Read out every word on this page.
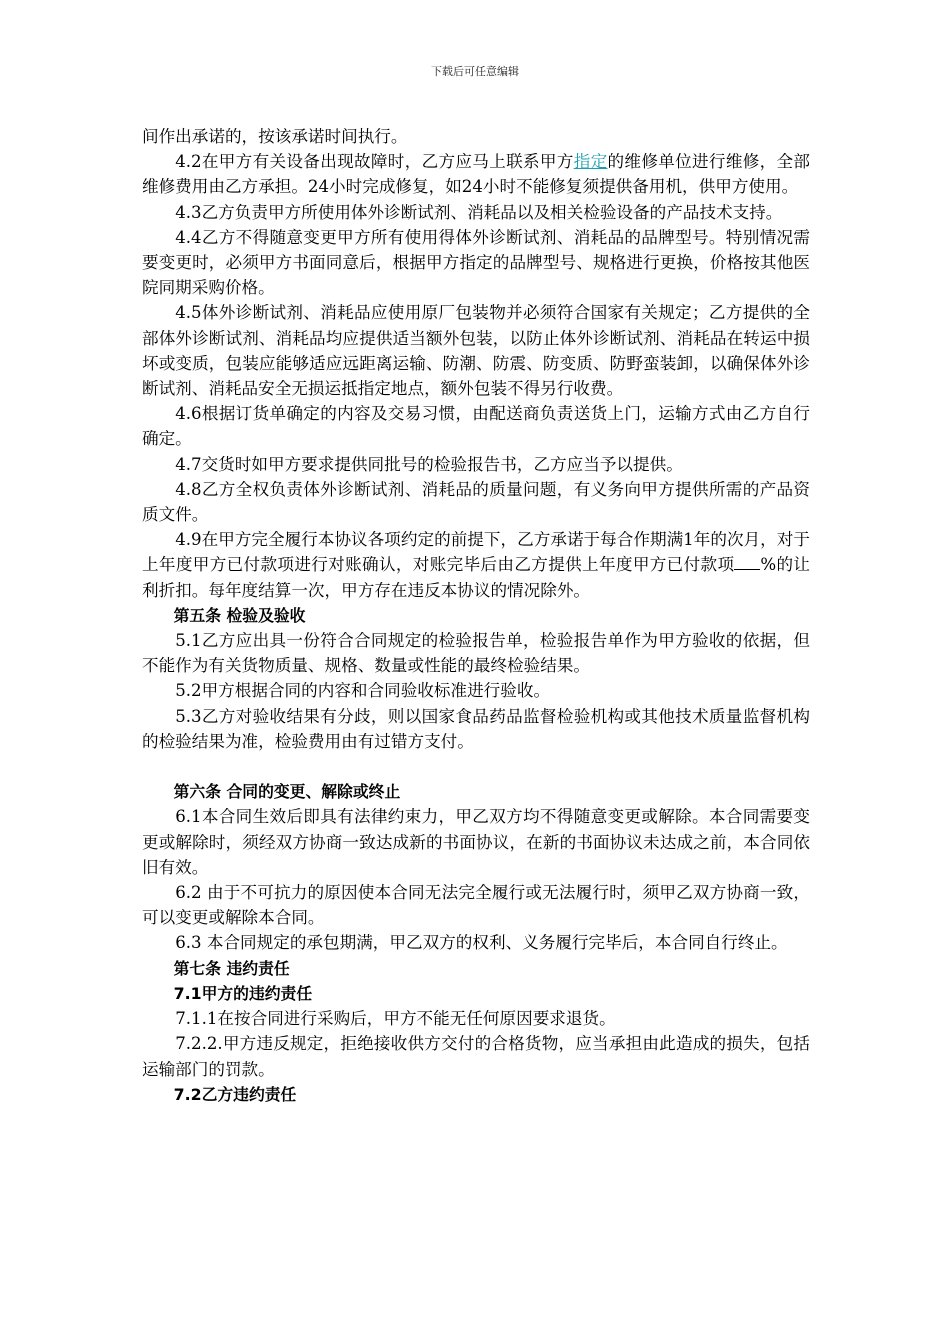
下载后可任意编辑

间作出承诺的，按该承诺时间执行。

4.2在甲方有关设备出现故障时，乙方应马上联系甲方指定的维修单位进行维修，全部维修费用由乙方承担。24小时完成修复，如24小时不能修复须提供备用机，供甲方使用。

4.3乙方负责甲方所使用体外诊断试剂、消耗品以及相关检验设备的产品技术支持。

4.4乙方不得随意变更甲方所有使用得体外诊断试剂、消耗品的品牌型号。特别情况需要变更时，必须甲方书面同意后，根据甲方指定的品牌型号、规格进行更换，价格按其他医院同期采购价格。

4.5体外诊断试剂、消耗品应使用原厂包装物并必须符合国家有关规定；乙方提供的全部体外诊断试剂、消耗品均应提供适当额外包装，以防止体外诊断试剂、消耗品在转运中损坏或变质，包装应能够适应远距离运输、防潮、防震、防变质、防野蛮装卸，以确保体外诊断试剂、消耗品安全无损运抵指定地点，额外包装不得另行收费。

4.6根据订货单确定的内容及交易习惯，由配送商负责送货上门，运输方式由乙方自行确定。

4.7交货时如甲方要求提供同批号的检验报告书，乙方应当予以提供。

4.8乙方全权负责体外诊断试剂、消耗品的质量问题，有义务向甲方提供所需的产品资质文件。

4.9在甲方完全履行本协议各项约定的前提下，乙方承诺于每合作期满1年的次月，对于上年度甲方已付款项进行对账确认，对账完毕后由乙方提供上年度甲方已付款项 %的让利折扣。每年度结算一次，甲方存在违反本协议的情况除外。

第五条 检验及验收

5.1乙方应出具一份符合合同规定的检验报告单，检验报告单作为甲方验收的依据，但不能作为有关货物质量、规格、数量或性能的最终检验结果。

5.2甲方根据合同的内容和合同验收标准进行验收。

5.3乙方对验收结果有分歧，则以国家食品药品监督检验机构或其他技术质量监督机构的检验结果为准，检验费用由有过错方支付。

第六条 合同的变更、解除或终止

6.1本合同生效后即具有法律约束力，甲乙双方均不得随意变更或解除。本合同需要变更或解除时，须经双方协商一致达成新的书面协议，在新的书面协议未达成之前，本合同依旧有效。

6.2 由于不可抗力的原因使本合同无法完全履行或无法履行时，须甲乙双方协商一致，可以变更或解除本合同。

6.3 本合同规定的承包期满，甲乙双方的权利、义务履行完毕后，本合同自行终止。

第七条 违约责任

7.1甲方的违约责任

7.1.1在按合同进行采购后，甲方不能无任何原因要求退货。

7.2.2.甲方违反规定，拒绝接收供方交付的合格货物，应当承担由此造成的损失，包括运输部门的罚款。

7.2乙方违约责任
